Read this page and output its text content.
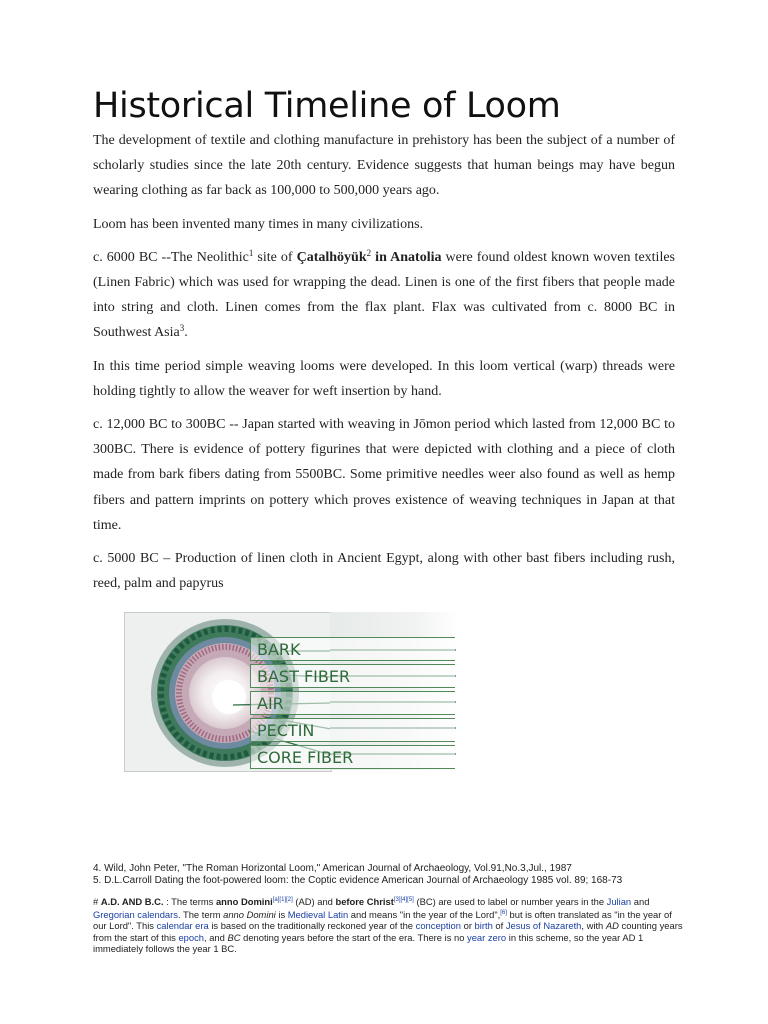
Historical Timeline of Loom

The development of textile and clothing manufacture in prehistory has been the subject of a number of scholarly studies since the late 20th century. Evidence suggests that human beings may have begun wearing clothing as far back as 100,000 to 500,000 years ago.

Loom has been invented many times in many civilizations.

c. 6000 BC --The Neolithic$^1$ site of Çatalhöyük$^2$ in Anatolia were found oldest known woven textiles (Linen Fabric) which was used for wrapping the dead. Linen is one of the first fibers that people made into string and cloth. Linen comes from the flax plant. Flax was cultivated from c. 8000 BC in Southwest Asia$^3$.

In this time period simple weaving looms were developed. In this loom vertical (warp) threads were holding tightly to allow the weaver for weft insertion by hand.

c. 12,000 BC to 300BC -- Japan started with weaving in Jōmon period which lasted from 12,000 BC to 300BC. There is evidence of pottery figurines that were depicted with clothing and a piece of cloth made from bark fibers dating from 5500BC. Some primitive needles weer also found as well as hemp fibers and pattern imprints on pottery which proves existence of weaving techniques in Japan at that time.

c. 5000 BC – Production of linen cloth in Ancient Egypt, along with other bast fibers including rush, reed, palm and papyrus

BARK
BAST FIBER
AIR
PECTIN
CORE FIBER
4. Wild, John Peter, "The Roman Horizontal Loom," American Journal of Archaeology, Vol.91,No.3,Jul., 1987
5. D.L.Carroll Dating the foot-powered loom: the Coptic evidence American Journal of Archaeology 1985 vol. 89; 168-73
# A.D. AND B.C. : The terms anno Domini[a][1][2] (AD) and before Christ[3][4][5] (BC) are used to label or number years in the Julian and Gregorian calendars. The term anno Domini is Medieval Latin and means "in the year of the Lord",[6] but is often translated as "in the year of our Lord". This calendar era is based on the traditionally reckoned year of the conception or birth of Jesus of Nazareth, with AD counting years from the start of this epoch, and BC denoting years before the start of the era. There is no year zero in this scheme, so the year AD 1 immediately follows the year 1 BC.
